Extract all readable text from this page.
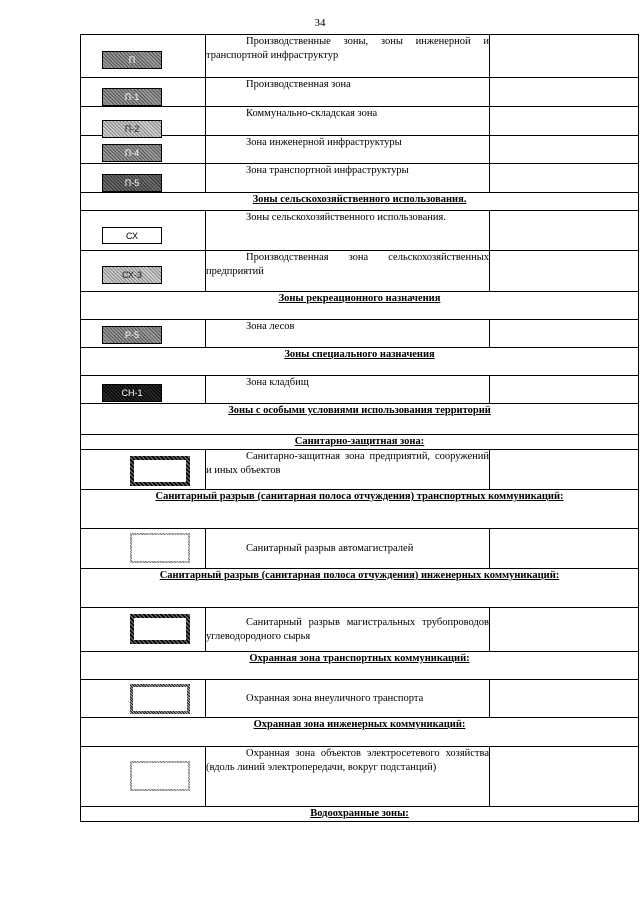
34
П	Производственные зоны, зоны инженерной и транспортной инфраструктур	

П-1	Производственная зона	

П-2	Коммунально-складская зона	

П-4	Зона инженерной инфраструктуры	

П-5	Зона транспортной инфраструктуры	
Зоны сельскохозяйственного использования.		

СХ	Зоны сельскохозяйственного использования.	

СХ-3	Производственная зона сельскохозяйственных предприятий	
Зоны рекреационного назначения		

Р-5	Зона лесов	
Зоны специального назначения		

СН-1	Зона кладбищ	
Зоны с особыми условиями использования территорий		
Санитарно-защитная зона:		

	Санитарно-защитная зона предприятий, сооружений и иных объектов	
Санитарный разрыв (санитарная полоса отчуждения) транспортных коммуникаций:		

	Санитарный разрыв автомагистралей	
Санитарный разрыв (санитарная полоса отчуждения) инженерных коммуникаций:		

	Санитарный разрыв магистральных трубопроводов углеводородного сырья	
Охранная зона транспортных коммуникаций:		

	Охранная зона внеуличного транспорта	
Охранная зона инженерных коммуникаций:		

	Охранная зона объектов электросетевого хозяйства (вдоль линий электропередачи, вокруг подстанций)	
Водоохранные зоны:		
